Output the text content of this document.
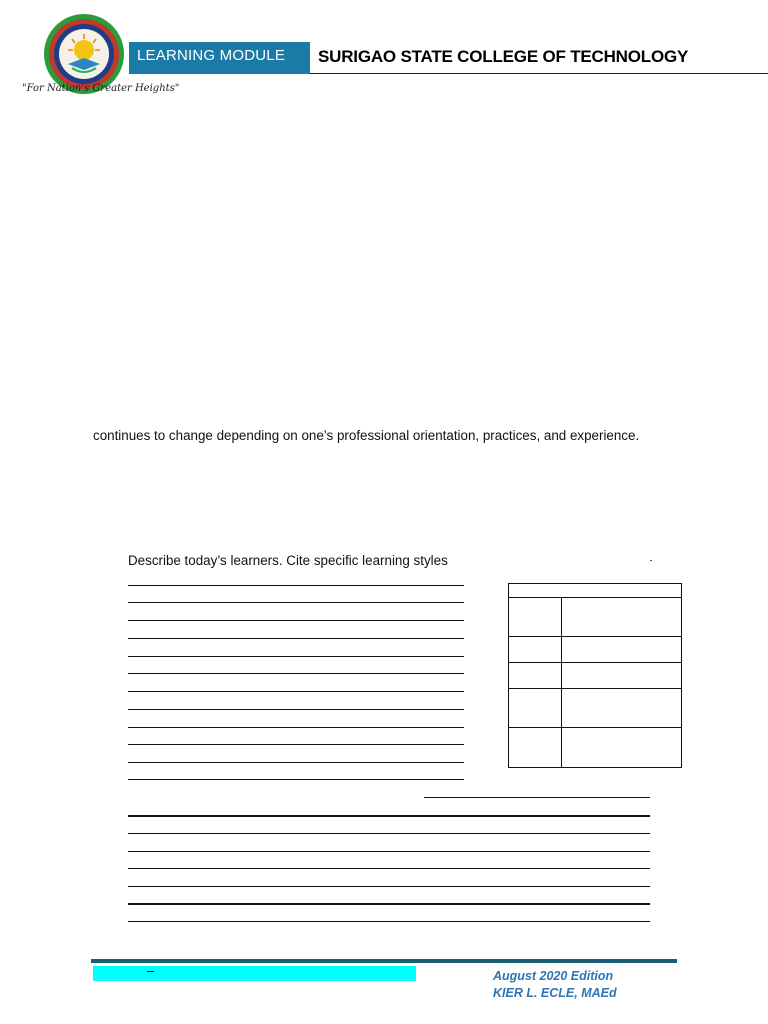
"For Nation's Greater Heights"
LEARNING MODULE	SURIGAO STATE COLLEGE OF TECHNOLOGY
continues to change depending on one’s professional orientation, practices, and experience.
Describe today’s learners. Cite specific learning styles
–	August 2020 Edition
KIER L. ECLE, MAEd
